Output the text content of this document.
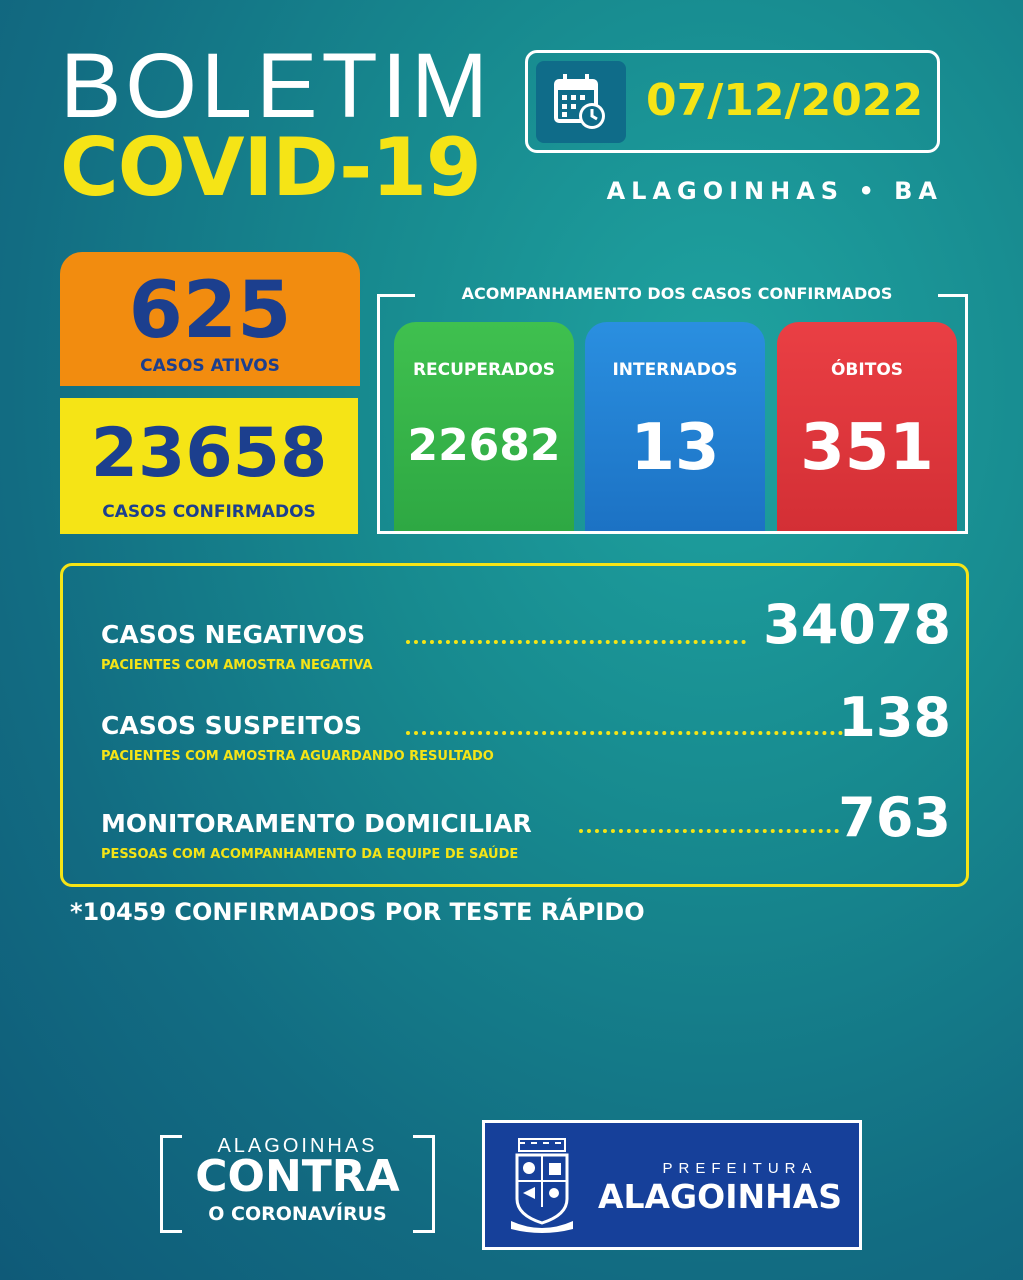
BOLETIM
COVID-19
07/12/2022
ALAGOINHAS • BA
625
CASOS ATIVOS
23658
CASOS CONFIRMADOS
ACOMPANHAMENTO DOS CASOS CONFIRMADOS
RECUPERADOS
22682
INTERNADOS
13
ÓBITOS
351
CASOS NEGATIVOS	34078
PACIENTES COM AMOSTRA NEGATIVA
CASOS SUSPEITOS	138
PACIENTES COM AMOSTRA AGUARDANDO RESULTADO
MONITORAMENTO DOMICILIAR	763
PESSOAS COM ACOMPANHAMENTO DA EQUIPE DE SAÚDE
*10459 CONFIRMADOS POR TESTE RÁPIDO
ALAGOINHAS
CONTRA
O CORONAVÍRUS
PREFEITURA
ALAGOINHAS
